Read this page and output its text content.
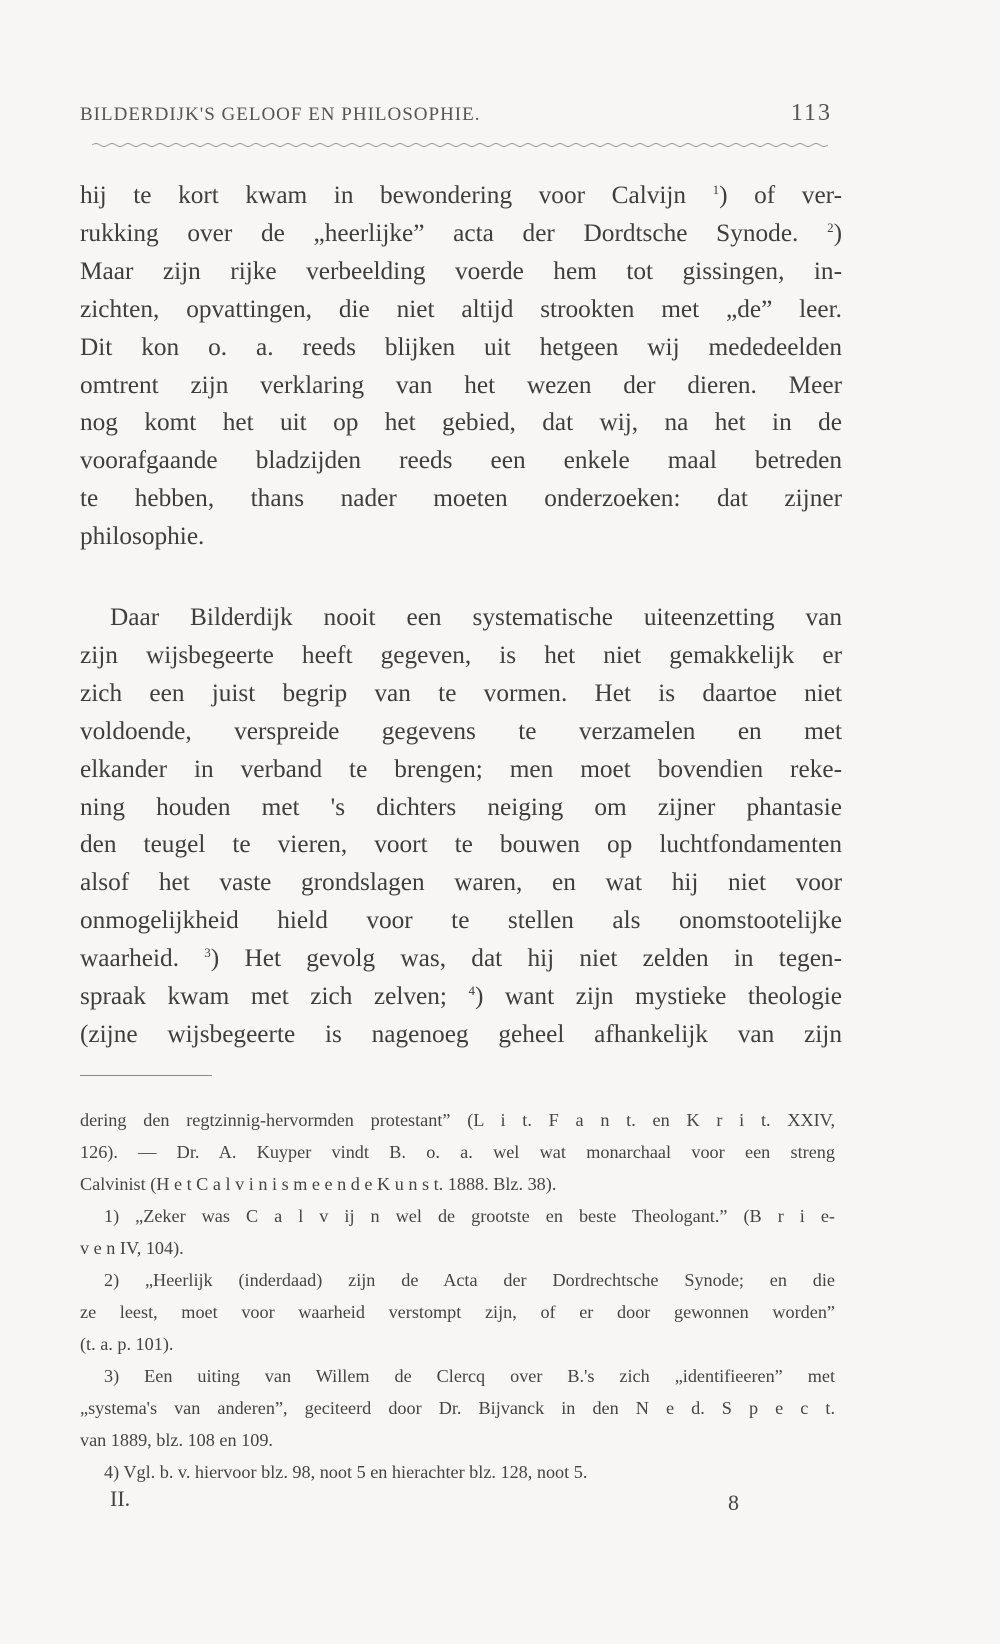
BILDERDIJK'S GELOOF EN PHILOSOPHIE.	113
hij te kort kwam in bewondering voor Calvijn $^1$) of ver-
rukking over de „heerlijke” acta der Dordtsche Synode. $^2$)
Maar zijn rijke verbeelding voerde hem tot gissingen, in-
zichten, opvattingen, die niet altijd strookten met „de” leer.
Dit kon o. a. reeds blijken uit hetgeen wij mededeelden
omtrent zijn verklaring van het wezen der dieren. Meer
nog komt het uit op het gebied, dat wij, na het in de
voorafgaande bladzijden reeds een enkele maal betreden
te hebben, thans nader moeten onderzoeken: dat zijner
philosophie.
Daar Bilderdijk nooit een systematische uiteenzetting van
zijn wijsbegeerte heeft gegeven, is het niet gemakkelijk er
zich een juist begrip van te vormen. Het is daartoe niet
voldoende, verspreide gegevens te verzamelen en met
elkander in verband te brengen; men moet bovendien reke-
ning houden met 's dichters neiging om zijner phantasie
den teugel te vieren, voort te bouwen op luchtfondamenten
alsof het vaste grondslagen waren, en wat hij niet voor
onmogelijkheid hield voor te stellen als onomstootelijke
waarheid. $^3$) Het gevolg was, dat hij niet zelden in tegen-
spraak kwam met zich zelven; $^4$) want zijn mystieke theologie
(zijne wijsbegeerte is nagenoeg geheel afhankelijk van zijn
dering den regtzinnig-hervormden protestant” (L i t. F a n t. en K r i t. XXIV,
126). — Dr. A. Kuyper vindt B. o. a. wel wat monarchaal voor een streng
Calvinist (H e t C a l v i n i s m e e n d e K u n s t. 1888. Blz. 38).
1) „Zeker was C a l v ij n wel de grootste en beste Theologant.” (B r i e-
v e n IV, 104).
2) „Heerlijk (inderdaad) zijn de Acta der Dordrechtsche Synode; en die
ze leest, moet voor waarheid verstompt zijn, of er door gewonnen worden”
(t. a. p. 101).
3) Een uiting van Willem de Clercq over B.'s zich „identifieeren” met
„systema's van anderen”, geciteerd door Dr. Bijvanck in den N e d. S p e c t.
van 1889, blz. 108 en 109.
4) Vgl. b. v. hiervoor blz. 98, noot 5 en hierachter blz. 128, noot 5.
II.	8
